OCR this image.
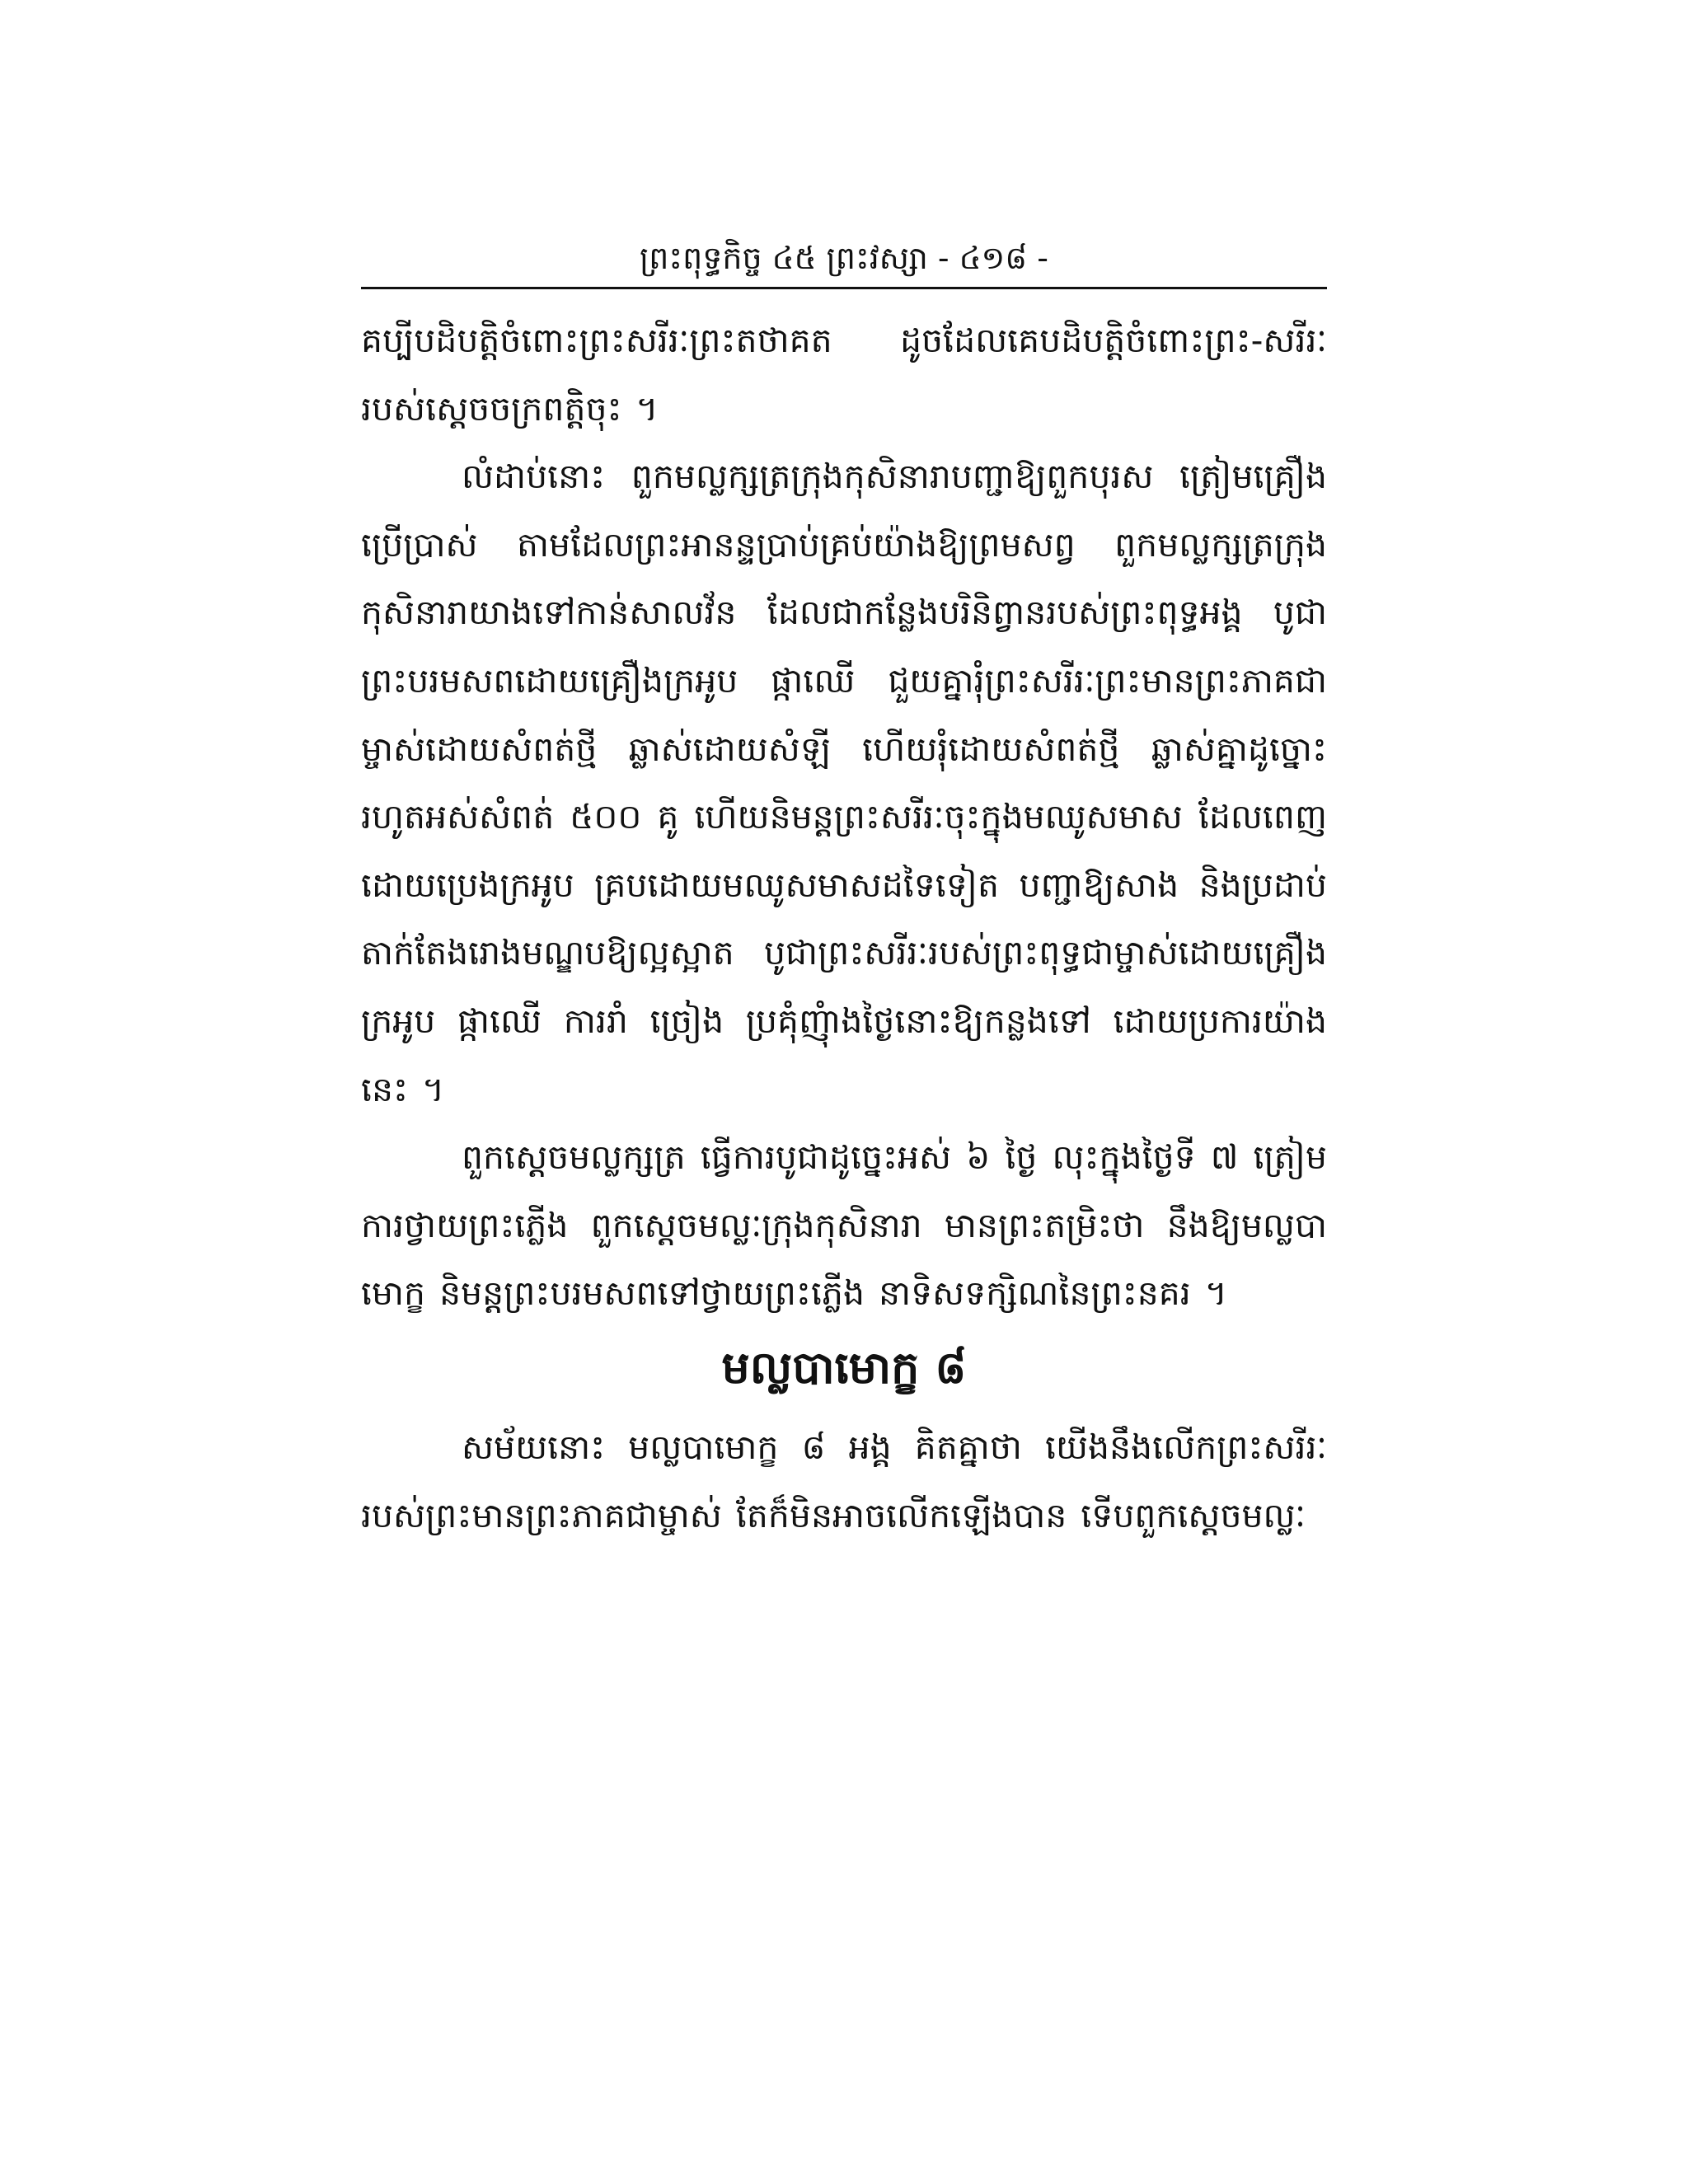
ព្រះពុទ្ធកិច្ច ៤៥ ព្រះវស្សា - ៤១៨ -

គប្បីបដិបត្តិចំពោះព្រះសរីរៈព្រះតថាគត ដូចដែលគេបដិបត្តិចំពោះព្រះ-សរីរៈរបស់ស្តេចចក្រពត្តិចុះ ។

លំដាប់នោះ ពួកមល្លក្សត្រក្រុងកុសិនារាបញ្ជាឱ្យពួកបុរស ត្រៀមគ្រឿងប្រើប្រាស់ តាមដែលព្រះអានន្ទប្រាប់គ្រប់យ៉ាងឱ្យព្រមសព្វ ពួកមល្លក្សត្រក្រុងកុសិនារាយាងទៅកាន់សាលវ័ន ដែលជាកន្លែងបរិនិព្វានរបស់ព្រះពុទ្ធអង្គ បូជាព្រះបរមសពដោយគ្រឿងក្រអូប ផ្កាឈើ ជួយគ្នារុំព្រះសរីរៈព្រះមានព្រះភាគជាម្ចាស់ដោយសំពត់ថ្មី ឆ្លាស់ដោយសំឡី ហើយរុំដោយសំពត់ថ្មី ឆ្លាស់គ្នាដូច្នោះ រហូតអស់សំពត់ ៥០០ គូ ហើយនិមន្តព្រះសរីរៈចុះក្នុងមឈូសមាស ដែលពេញដោយប្រេងក្រអូប គ្របដោយមឈូសមាសដទៃទៀត បញ្ជាឱ្យសាង និងប្រដាប់តាក់តែងរោងមណ្ឌបឱ្យល្អស្អាត បូជាព្រះសរីរៈរបស់ព្រះពុទ្ធជាម្ចាស់ដោយគ្រឿងក្រអូប ផ្កាឈើ ការរាំ ច្រៀង ប្រគុំញុំាងថ្ងៃនោះឱ្យកន្លងទៅ ដោយប្រការយ៉ាងនេះ ។

ពួកស្តេចមល្លក្សត្រ ធ្វើការបូជាដូច្នេះអស់ ៦ ថ្ងៃ លុះក្នុងថ្ងៃទី ៧ ត្រៀមការថ្វាយព្រះភ្លើង ពួកស្តេចមល្លៈក្រុងកុសិនារា មានព្រះតម្រិះថា នឹងឱ្យមល្លបាមោក្ខ និមន្តព្រះបរមសពទៅថ្វាយព្រះភ្លើង នាទិសទក្សិណនៃព្រះនគរ ។

មល្លបាមោក្ខ ៨

សម័យនោះ មល្លបាមោក្ខ ៨ អង្គ គិតគ្នាថា យើងនឹងលើកព្រះសរីរៈរបស់ព្រះមានព្រះភាគជាម្ចាស់ តែក៏មិនអាចលើកឡើងបាន ទើបពួកស្តេចមល្លៈ
